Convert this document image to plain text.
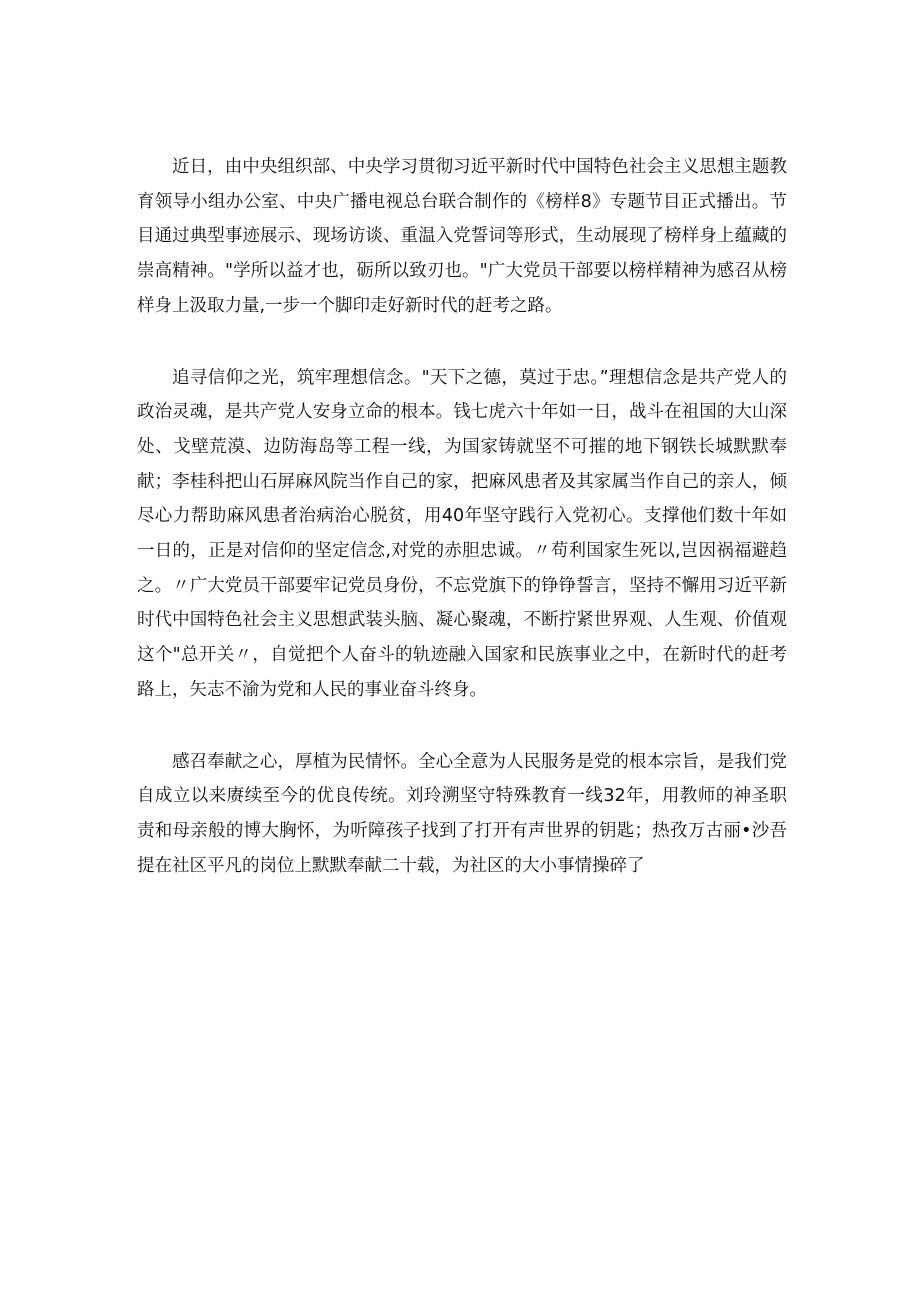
近日，由中央组织部、中央学习贯彻习近平新时代中国特色社会主义思想主题教育领导小组办公室、中央广播电视总台联合制作的《榜样8》专题节目正式播出。节目通过典型事迹展示、现场访谈、重温入党誓词等形式，生动展现了榜样身上蕴藏的崇高精神。"学所以益才也，砺所以致刃也。"广大党员干部要以榜样精神为感召从榜样身上汲取力量,一步一个脚印走好新时代的赶考之路。

追寻信仰之光，筑牢理想信念。"天下之德，莫过于忠。”理想信念是共产党人的政治灵魂，是共产党人安身立命的根本。钱七虎六十年如一日，战斗在祖国的大山深处、戈壁荒漠、边防海岛等工程一线，为国家铸就坚不可摧的地下钢铁长城默默奉献；李桂科把山石屏麻风院当作自己的家，把麻风患者及其家属当作自己的亲人，倾尽心力帮助麻风患者治病治心脱贫，用40年坚守践行入党初心。支撑他们数十年如一日的，正是对信仰的坚定信念,对党的赤胆忠诚。〃苟利国家生死以,岂因祸福避趋之。〃广大党员干部要牢记党员身份，不忘党旗下的铮铮誓言，坚持不懈用习近平新时代中国特色社会主义思想武装头脑、凝心聚魂，不断拧紧世界观、人生观、价值观这个"总开关〃，自觉把个人奋斗的轨迹融入国家和民族事业之中，在新时代的赶考路上，矢志不渝为党和人民的事业奋斗终身。

感召奉献之心，厚植为民情怀。全心全意为人民服务是党的根本宗旨，是我们党自成立以来赓续至今的优良传统。刘玲溯坚守特殊教育一线32年，用教师的神圣职责和母亲般的博大胸怀，为听障孩子找到了打开有声世界的钥匙；热孜万古丽•沙吾提在社区平凡的岗位上默默奉献二十载，为社区的大小事情操碎了
